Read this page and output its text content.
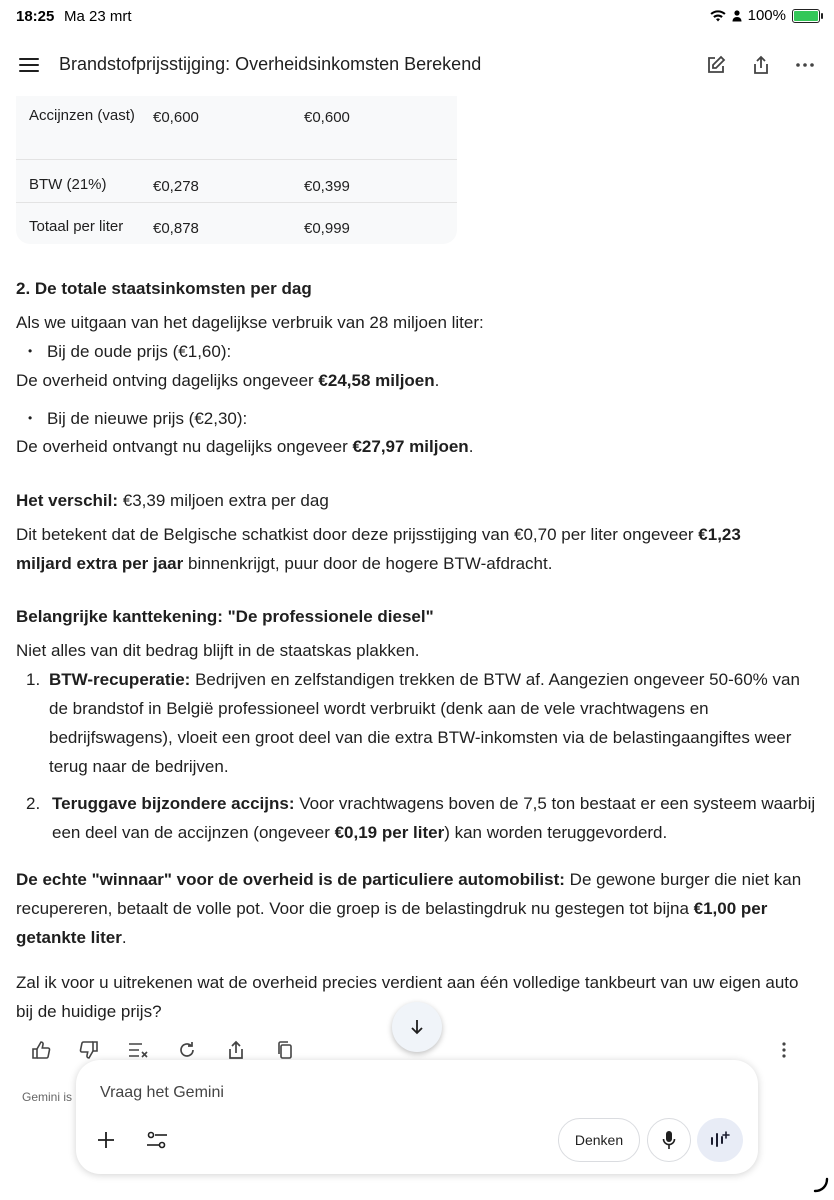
18:25 Ma 23 mrt	100%
Brandstofprijsstijging: Overheidsinkomsten Berekend
Accijnzen (vast)	€0,600	€0,600
BTW (21%)	€0,278	€0,399
Totaal per liter	€0,878	€0,999
2. De totale staatsinkomsten per dag
Als we uitgaan van het dagelijkse verbruik van 28 miljoen liter:
• Bij de oude prijs (€1,60):
De overheid ontving dagelijks ongeveer €24,58 miljoen.
• Bij de nieuwe prijs (€2,30):
De overheid ontvangt nu dagelijks ongeveer €27,97 miljoen.
Het verschil: €3,39 miljoen extra per dag
Dit betekent dat de Belgische schatkist door deze prijsstijging van €0,70 per liter ongeveer €1,23
miljard extra per jaar binnenkrijgt, puur door de hogere BTW-afdracht.
Belangrijke kanttekening: "De professionele diesel"
Niet alles van dit bedrag blijft in de staatskas plakken.
1. BTW-recuperatie: Bedrijven en zelfstandigen trekken de BTW af. Aangezien ongeveer 50-60% van
de brandstof in België professioneel wordt verbruikt (denk aan de vele vrachtwagens en
bedrijfswagens), vloeit een groot deel van die extra BTW-inkomsten via de belastingaangiftes weer
terug naar de bedrijven.
2. Teruggave bijzondere accijns: Voor vrachtwagens boven de 7,5 ton bestaat er een systeem waarbij
een deel van de accijnzen (ongeveer €0,19 per liter) kan worden teruggevorderd.
De echte "winnaar" voor de overheid is de particuliere automobilist: De gewone burger die niet kan
recupereren, betaalt de volle pot. Voor die groep is de belastingdruk nu gestegen tot bijna €1,00 per
getankte liter.
Zal ik voor u uitrekenen wat de overheid precies verdient aan één volledige tankbeurt van uw eigen auto
bij de huidige prijs?
Gemini is Vraag het Gemini
Denken
